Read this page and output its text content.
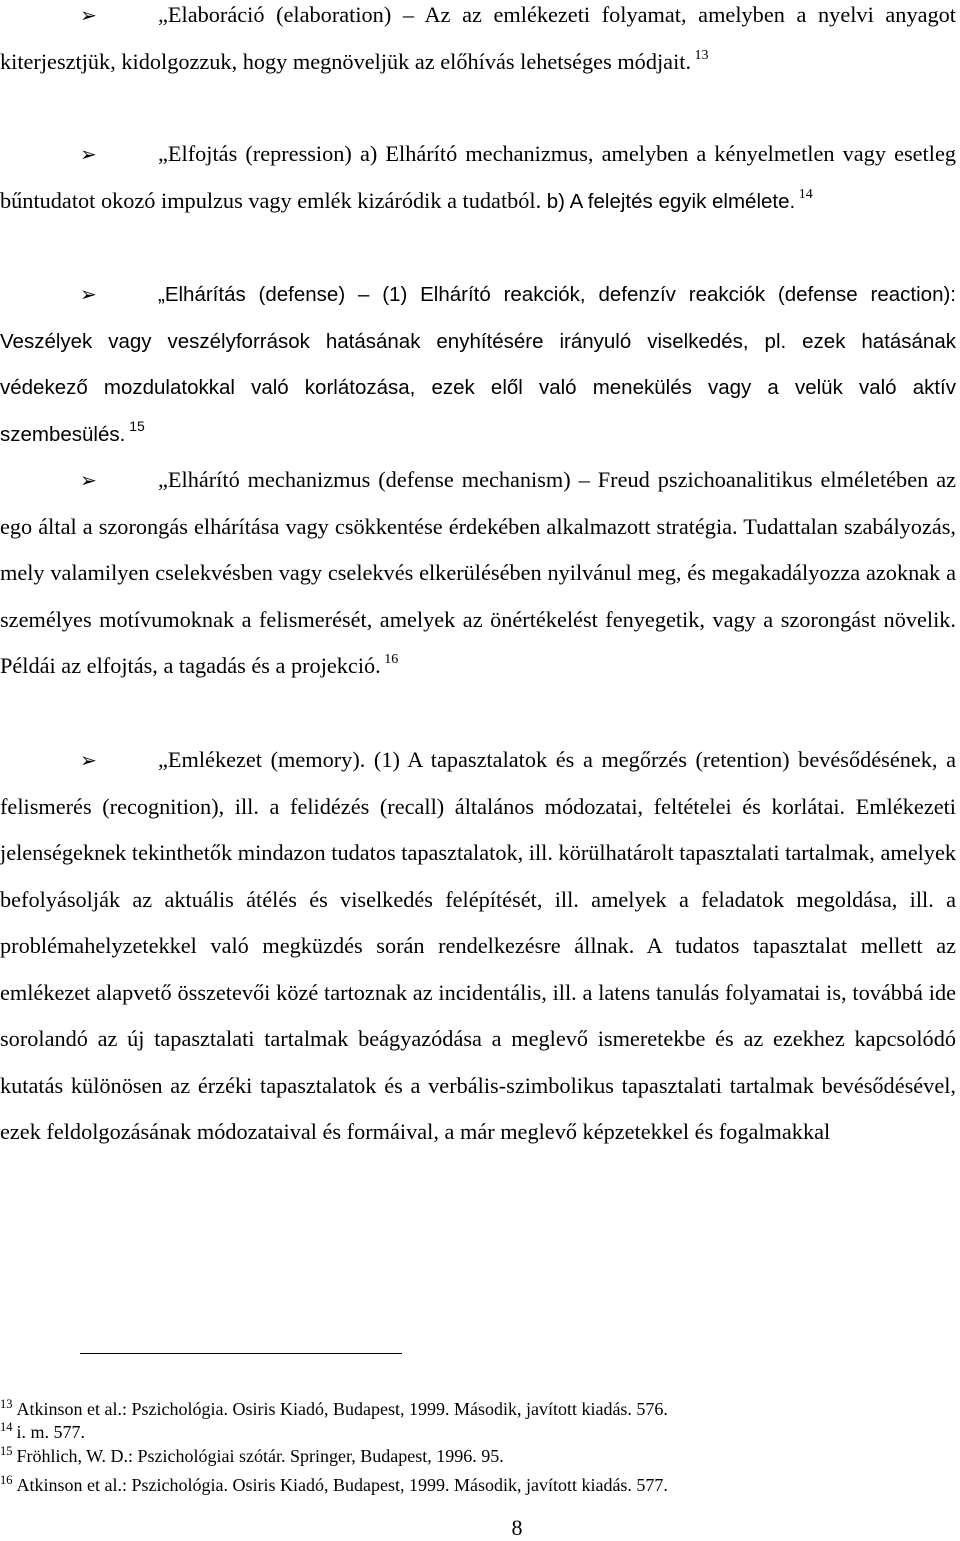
➢	„Elaboráció (elaboration) – Az az emlékezeti folyamat, amelyben a nyelvi anyagot kiterjesztjük, kidolgozzuk, hogy megnöveljük az előhívás lehetséges módjait. $^{13}$

➢	„Elfojtás (repression) a) Elhárító mechanizmus, amelyben a kényelmetlen vagy esetleg bűntudatot okozó impulzus vagy emlék kizáródik a tudatból. b) A felejtés egyik elmélete. $^{14}$

➢	„Elhárítás (defense) – (1) Elhárító reakciók, defenzív reakciók (defense reaction): Veszélyek vagy veszélyforrások hatásának enyhítésére irányuló viselkedés, pl. ezek hatásának védekező mozdulatokkal való korlátozása, ezek elől való menekülés vagy a velük való aktív szembesülés. $^{15}$

➢	„Elhárító mechanizmus (defense mechanism) – Freud pszichoanalitikus elméletében az ego által a szorongás elhárítása vagy csökkentése érdekében alkalmazott stratégia. Tudattalan szabályozás, mely valamilyen cselekvésben vagy cselekvés elkerülésében nyilvánul meg, és megakadályozza azoknak a személyes motívumoknak a felismerését, amelyek az önértékelést fenyegetik, vagy a szorongást növelik. Példái az elfojtás, a tagadás és a projekció. $^{16}$

➢	„Emlékezet (memory). (1) A tapasztalatok és a megőrzés (retention) bevésődésének, a felismerés (recognition), ill. a felidézés (recall) általános módozatai, feltételei és korlátai. Emlékezeti jelenségeknek tekinthetők mindazon tudatos tapasztalatok, ill. körülhatárolt tapasztalati tartalmak, amelyek befolyásolják az aktuális átélés és viselkedés felépítését, ill. amelyek a feladatok megoldása, ill. a problémahelyzetekkel való megküzdés során rendelkezésre állnak. A tudatos tapasztalat mellett az emlékezet alapvető összetevői közé tartoznak az incidentális, ill. a latens tanulás folyamatai is, továbbá ide sorolandó az új tapasztalati tartalmak beágyazódása a meglevő ismeretekbe és az ezekhez kapcsolódó kutatás különösen az érzéki tapasztalatok és a verbális-szimbolikus tapasztalati tartalmak bevésődésével, ezek feldolgozásának módozataival és formáival, a már meglevő képzetekkel és fogalmakkal

$^{13}$ Atkinson et al.: Pszichológia. Osiris Kiadó, Budapest, 1999. Második, javított kiadás. 576.
$^{14}$ i. m. 577.
$^{15}$ Fröhlich, W. D.: Pszichológiai szótár. Springer, Budapest, 1996. 95.
$^{16}$ Atkinson et al.: Pszichológia. Osiris Kiadó, Budapest, 1999. Második, javított kiadás. 577.
8
